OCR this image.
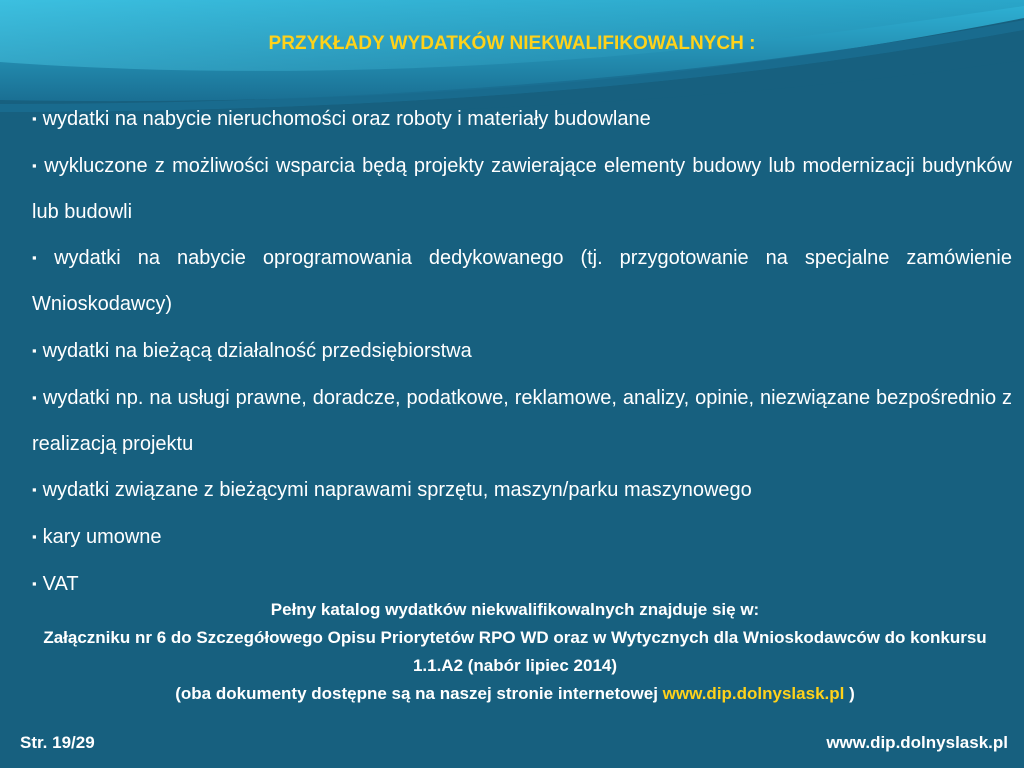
PRZYKŁADY WYDATKÓW NIEKWALIFIKOWALNYCH :

▪ wydatki na nabycie nieruchomości oraz roboty i materiały budowlane

▪ wykluczone z możliwości wsparcia będą projekty zawierające elementy budowy lub modernizacji budynków lub budowli

▪ wydatki na nabycie oprogramowania dedykowanego (tj. przygotowanie na specjalne zamówienie Wnioskodawcy)

▪ wydatki na bieżącą działalność przedsiębiorstwa

▪ wydatki np. na usługi prawne, doradcze, podatkowe, reklamowe, analizy, opinie, niezwiązane bezpośrednio z realizacją projektu

▪ wydatki związane z bieżącymi naprawami sprzętu, maszyn/parku maszynowego

▪ kary umowne

▪ VAT

Pełny katalog wydatków niekwalifikowalnych znajduje się w:

Załączniku nr 6 do Szczegółowego Opisu Priorytetów RPO WD oraz w Wytycznych dla Wnioskodawców do konkursu 1.1.A2 (nabór lipiec 2014)

(oba dokumenty dostępne są na naszej stronie internetowej www.dip.dolnyslask.pl )

Str. 19/29	www.dip.dolnyslask.pl
